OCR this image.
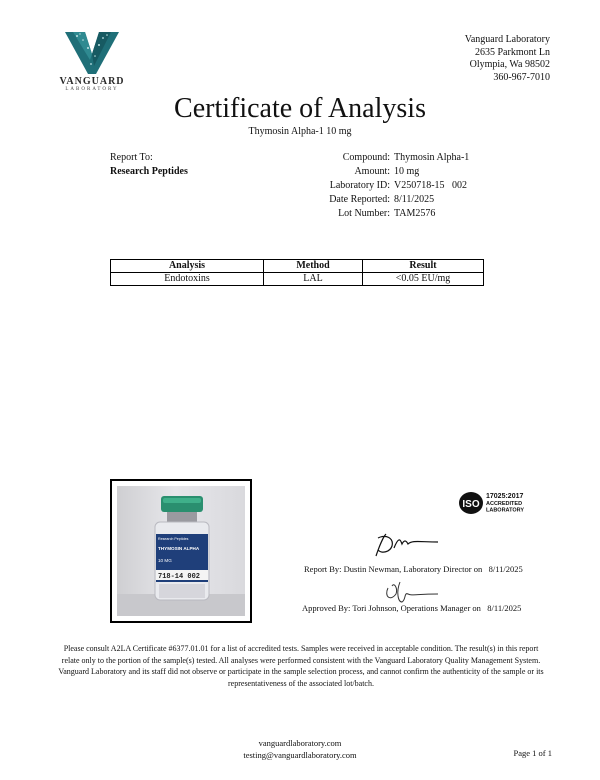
VANGUARD
LABORATORY
Vanguard Laboratory
2635 Parkmont Ln
Olympia, Wa 98502
360-967-7010
Certificate of Analysis
Thymosin Alpha-1 10 mg
Report To:
Research Peptides
Compound: Thymosin Alpha-1
Amount: 10 mg
Laboratory ID: V250718-15   002
Date Reported: 8/11/2025
Lot Number: TAM2576
Analysis	Method	Result
Endotoxins	LAL	<0.05 EU/mg
Research Peptides
THYMOSIN ALPHA
10 MG
718-14 002
ISO
17025:2017
ACCREDITED
LABORATORY
Report By: Dustin Newman, Laboratory Director on   8/11/2025
Approved By: Tori Johnson, Operations Manager on   8/11/2025
Please consult A2LA Certificate #6377.01.01 for a list of accredited tests. Samples were received in acceptable condition. The result(s) in this report relate only to the portion of the sample(s) tested. All analyses were performed consistent with the Vanguard Laboratory Quality Management System. Vanguard Laboratory and its staff did not observe or participate in the sample selection process, and cannot confirm the authenticity of the sample or its representativeness of the associated lot/batch.
vanguardlaboratory.com
testing@vanguardlaboratory.com	Page 1 of 1
